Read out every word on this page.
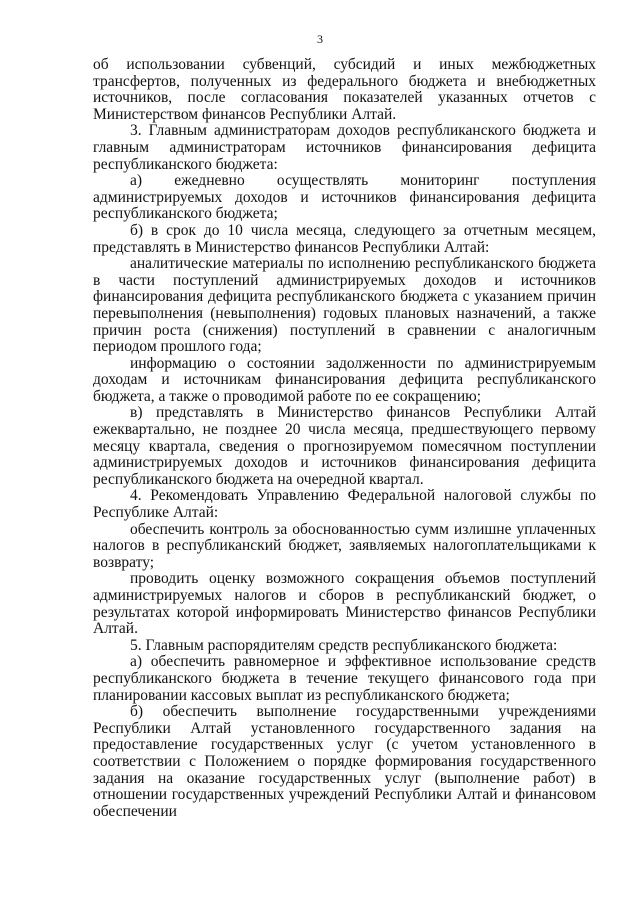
3

об использовании субвенций, субсидий и иных межбюджетных трансфертов, полученных из федерального бюджета и внебюджетных источников, после согласования показателей указанных отчетов с Министерством финансов Республики Алтай.

3. Главным администраторам доходов республиканского бюджета и главным администраторам источников финансирования дефицита республиканского бюджета:

а) ежедневно осуществлять мониторинг поступления администрируемых доходов и источников финансирования дефицита республиканского бюджета;

б) в срок до 10 числа месяца, следующего за отчетным месяцем, представлять в Министерство финансов Республики Алтай:

аналитические материалы по исполнению республиканского бюджета в части поступлений администрируемых доходов и источников финансирования дефицита республиканского бюджета с указанием причин перевыполнения (невыполнения) годовых плановых назначений, а также причин роста (снижения) поступлений в сравнении с аналогичным периодом прошлого года;

информацию о состоянии задолженности по администрируемым доходам и источникам финансирования дефицита республиканского бюджета, а также о проводимой работе по ее сокращению;

в) представлять в Министерство финансов Республики Алтай ежеквартально, не позднее 20 числа месяца, предшествующего первому месяцу квартала, сведения о прогнозируемом помесячном поступлении администрируемых доходов и источников финансирования дефицита республиканского бюджета на очередной квартал.

4. Рекомендовать Управлению Федеральной налоговой службы по Республике Алтай:

обеспечить контроль за обоснованностью сумм излишне уплаченных налогов в республиканский бюджет, заявляемых налогоплательщиками к возврату;

проводить оценку возможного сокращения объемов поступлений администрируемых налогов и сборов в республиканский бюджет, о результатах которой информировать Министерство финансов Республики Алтай.

5. Главным распорядителям средств республиканского бюджета:

а) обеспечить равномерное и эффективное использование средств республиканского бюджета в течение текущего финансового года при планировании кассовых выплат из республиканского бюджета;

б) обеспечить выполнение государственными учреждениями Республики Алтай установленного государственного задания на предоставление государственных услуг (с учетом установленного в соответствии с Положением о порядке формирования государственного задания на оказание государственных услуг (выполнение работ) в отношении государственных учреждений Республики Алтай и финансовом обеспечении
